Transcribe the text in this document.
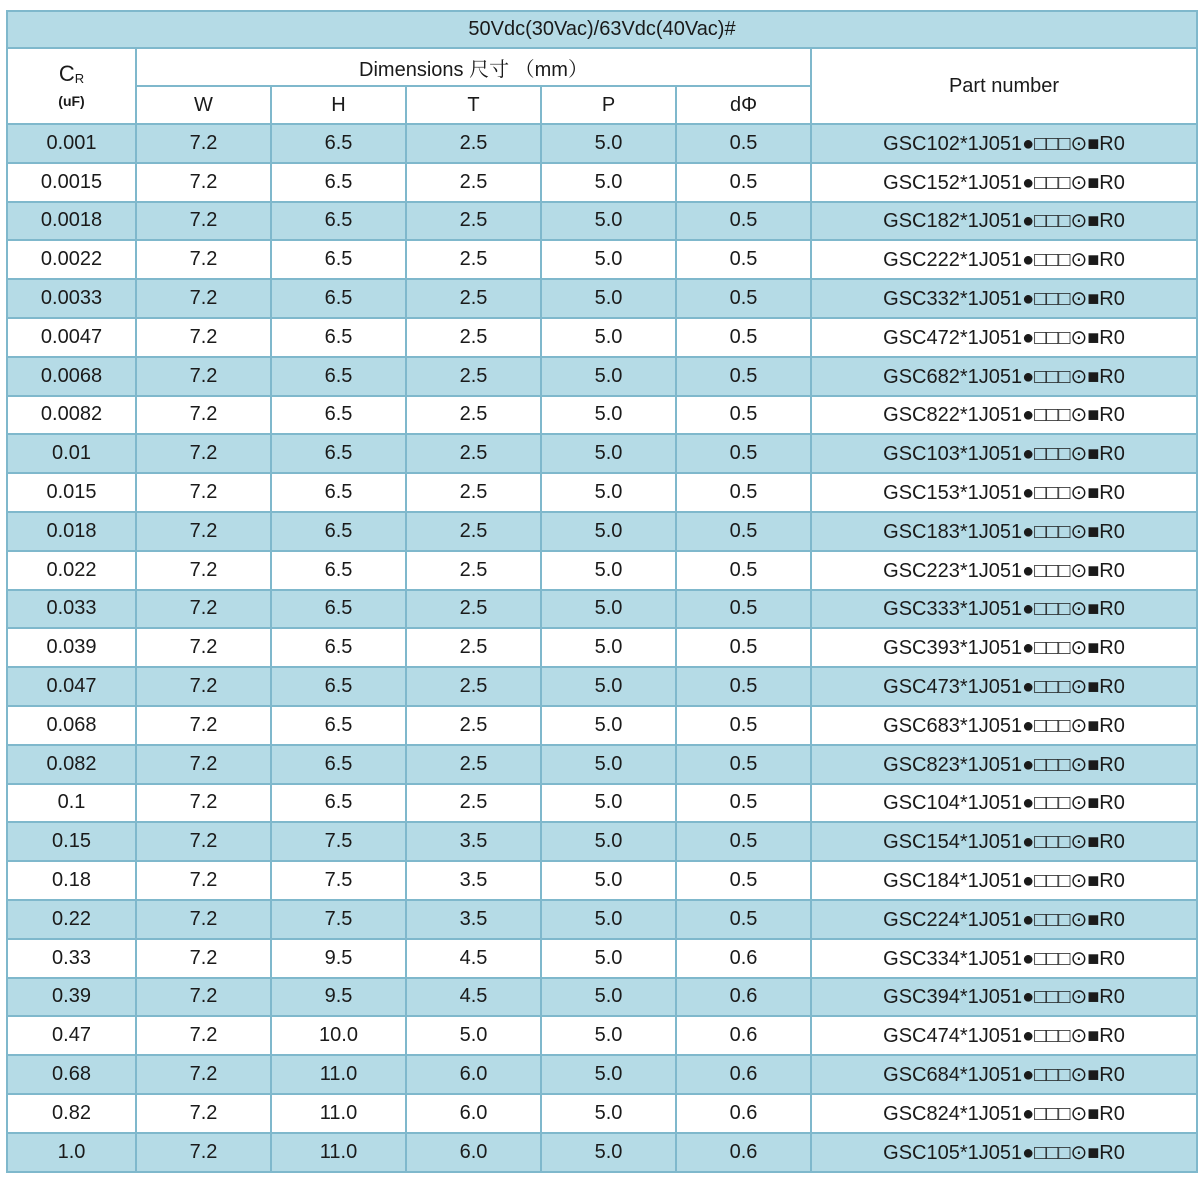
50Vdc(30Vac)/63Vdc(40Vac)#						

$C_R$
(uF)	Dimensions 尺寸 （mm）					Part number
	W	H	T	P	dΦ	
0.001	7.2	6.5	2.5	5.0	0.5	GSC102*1J051●□□□⊙■R0
0.0015	7.2	6.5	2.5	5.0	0.5	GSC152*1J051●□□□⊙■R0
0.0018	7.2	6.5	2.5	5.0	0.5	GSC182*1J051●□□□⊙■R0
0.0022	7.2	6.5	2.5	5.0	0.5	GSC222*1J051●□□□⊙■R0
0.0033	7.2	6.5	2.5	5.0	0.5	GSC332*1J051●□□□⊙■R0
0.0047	7.2	6.5	2.5	5.0	0.5	GSC472*1J051●□□□⊙■R0
0.0068	7.2	6.5	2.5	5.0	0.5	GSC682*1J051●□□□⊙■R0
0.0082	7.2	6.5	2.5	5.0	0.5	GSC822*1J051●□□□⊙■R0
0.01	7.2	6.5	2.5	5.0	0.5	GSC103*1J051●□□□⊙■R0
0.015	7.2	6.5	2.5	5.0	0.5	GSC153*1J051●□□□⊙■R0
0.018	7.2	6.5	2.5	5.0	0.5	GSC183*1J051●□□□⊙■R0
0.022	7.2	6.5	2.5	5.0	0.5	GSC223*1J051●□□□⊙■R0
0.033	7.2	6.5	2.5	5.0	0.5	GSC333*1J051●□□□⊙■R0
0.039	7.2	6.5	2.5	5.0	0.5	GSC393*1J051●□□□⊙■R0
0.047	7.2	6.5	2.5	5.0	0.5	GSC473*1J051●□□□⊙■R0
0.068	7.2	6.5	2.5	5.0	0.5	GSC683*1J051●□□□⊙■R0
0.082	7.2	6.5	2.5	5.0	0.5	GSC823*1J051●□□□⊙■R0
0.1	7.2	6.5	2.5	5.0	0.5	GSC104*1J051●□□□⊙■R0
0.15	7.2	7.5	3.5	5.0	0.5	GSC154*1J051●□□□⊙■R0
0.18	7.2	7.5	3.5	5.0	0.5	GSC184*1J051●□□□⊙■R0
0.22	7.2	7.5	3.5	5.0	0.5	GSC224*1J051●□□□⊙■R0
0.33	7.2	9.5	4.5	5.0	0.6	GSC334*1J051●□□□⊙■R0
0.39	7.2	9.5	4.5	5.0	0.6	GSC394*1J051●□□□⊙■R0
0.47	7.2	10.0	5.0	5.0	0.6	GSC474*1J051●□□□⊙■R0
0.68	7.2	11.0	6.0	5.0	0.6	GSC684*1J051●□□□⊙■R0
0.82	7.2	11.0	6.0	5.0	0.6	GSC824*1J051●□□□⊙■R0
1.0	7.2	11.0	6.0	5.0	0.6	GSC105*1J051●□□□⊙■R0
